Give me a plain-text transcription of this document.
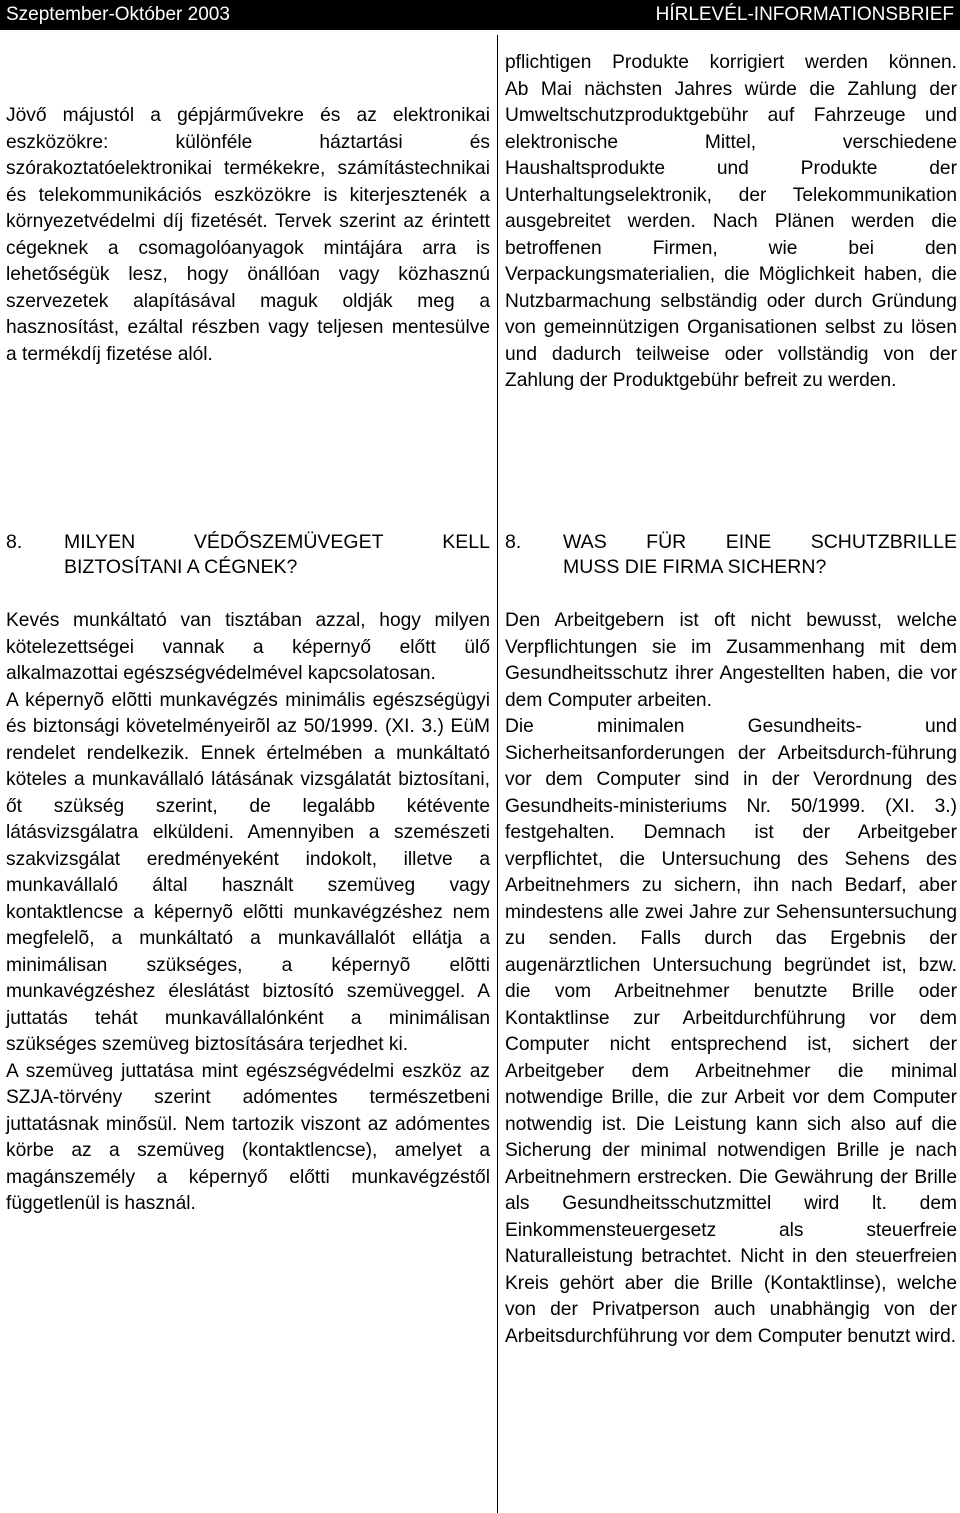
Szeptember-Október 2003	HÍRLEVÉL-INFORMATIONSBRIEF

Jövő májustól a gépjárművekre és az elektronikai eszközökre: különféle háztartási és szórakoztatóelektronikai termékekre, számítástechnikai és telekommunikációs eszközökre is kiterjesztenék a környezetvédelmi díj fizetését. Tervek szerint az érintett cégeknek a csomagolóanyagok mintájára arra is lehetőségük lesz, hogy önállóan vagy közhasznú szervezetek alapításával maguk oldják meg a hasznosítást, ezáltal részben vagy teljesen mentesülve a termékdíj fizetése alól.

pflichtigen Produkte korrigiert werden können.

Ab Mai nächsten Jahres würde die Zahlung der Umweltschutzproduktgebühr auf Fahrzeuge und elektronische Mittel, verschiedene Haushaltsprodukte und Produkte der Unterhaltungselektronik, der Telekommunikation ausgebreitet werden. Nach Plänen werden die betroffenen Firmen, wie bei den Verpackungsmaterialien, die Möglichkeit haben, die Nutzbarmachung selbständig oder durch Gründung von gemeinnützigen Organisationen selbst zu lösen und dadurch teilweise oder vollständig von der Zahlung der Produktgebühr befreit zu werden.

8.	MILYEN	VÉDŐSZEMÜVEGET	KELL
BIZTOSÍTANI A CÉGNEK?
8.	WAS FÜR EINE SCHUTZBRILLE
MUSS DIE FIRMA SICHERN?

Kevés munkáltató van tisztában azzal, hogy milyen kötelezettségei vannak a képernyő előtt ülő alkalmazottai egészségvédelmével kapcsolatosan.

A képernyõ elõtti munkavégzés minimális egészségügyi és biztonsági követelményeirõl az 50/1999. (XI. 3.) EüM rendelet rendelkezik. Ennek értelmében a munkáltató köteles a munkavállaló látásának vizsgálatát biztosítani, őt szükség szerint, de legalább kétévente látásvizsgálatra elküldeni. Amennyiben a szemészeti szakvizsgálat eredményeként indokolt, illetve a munkavállaló által használt szemüveg vagy kontaktlencse a képernyõ elõtti munkavégzéshez nem megfelelõ, a munkáltató a munkavállalót ellátja a minimálisan szükséges, a képernyõ elõtti munkavégzéshez éleslátást biztosító szemüveggel. A juttatás tehát munkavállalónként a minimálisan szükséges szemüveg biztosítására terjedhet ki.

A szemüveg juttatása mint egészségvédelmi eszköz az SZJA-törvény szerint adómentes természetbeni juttatásnak minősül. Nem tartozik viszont az adómentes körbe az a szemüveg (kontaktlencse), amelyet a magánszemély a képernyő előtti munkavégzéstől függetlenül is használ.

Den Arbeitgebern ist oft nicht bewusst, welche Verpflichtungen sie im Zusammenhang mit dem Gesundheitsschutz ihrer Angestellten haben, die vor dem Computer arbeiten.

Die minimalen Gesundheits- und Sicherheitsanforderungen der Arbeitsdurch-führung vor dem Computer sind in der Verordnung des Gesundheits-ministeriums Nr. 50/1999. (XI. 3.) festgehalten. Demnach ist der Arbeitgeber verpflichtet, die Untersuchung des Sehens des Arbeitnehmers zu sichern, ihn nach Bedarf, aber mindestens alle zwei Jahre zur Sehensuntersuchung zu senden. Falls durch das Ergebnis der augenärztlichen Untersuchung begründet ist, bzw. die vom Arbeitnehmer benutzte Brille oder Kontaktlinse zur Arbeitdurchführung vor dem Computer nicht entsprechend ist, sichert der Arbeitgeber dem Arbeitnehmer die minimal notwendige Brille, die zur Arbeit vor dem Computer notwendig ist. Die Leistung kann sich also auf die Sicherung der minimal notwendigen Brille je nach Arbeitnehmern erstrecken. Die Gewährung der Brille als Gesundheitsschutzmittel wird lt. dem Einkommensteuergesetz als steuerfreie Naturalleistung betrachtet. Nicht in den steuerfreien Kreis gehört aber die Brille (Kontaktlinse), welche von der Privatperson auch unabhängig von der Arbeitsdurchführung vor dem Computer benutzt wird.
